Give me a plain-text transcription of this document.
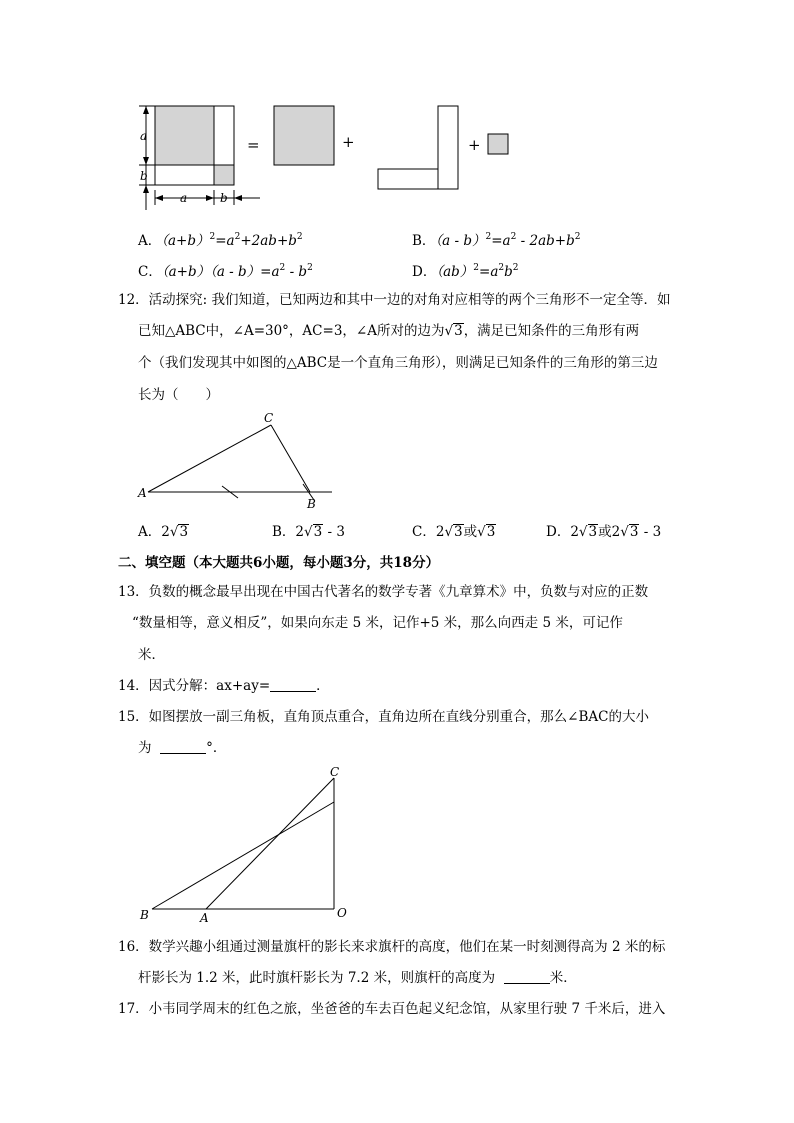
a
b
a	b
=	+	+
A．$(a+b)^2=a^2+2ab+b^2$	B．$(a - b)^2=a^2 - 2ab+b^2$
C．$(a+b)(a - b)=a^2 - b^2$	D．$(ab)^2=a^2b^2$
12．活动探究: 我们知道，已知两边和其中一边的对角对应相等的两个三角形不一定全等．如
已知△ABC中，∠A=30°，AC=3，∠A所对的边为√3，满足已知条件的三角形有两
个（我们发现其中如图的△ABC是一个直角三角形），则满足已知条件的三角形的第三边
长为（　　）
C
A
B
A．2√3	B．2√3 - 3	C．2√3或√3	D．2√3或2√3 - 3
二、填空题（本大题共6小题，每小题3分，共18分）
13．负数的概念最早出现在中国古代著名的数学专著《九章算术》中，负数与对应的正数
“数量相等，意义相反”，如果向东走 5 米，记作+5 米，那么向西走 5 米，可记作
米．
14．因式分解：ax+ay=	．
15．如图摆放一副三角板，直角顶点重合，直角边所在直线分别重合，那么∠BAC的大小
为	°．
C
B	A	O
16．数学兴趣小组通过测量旗杆的影长来求旗杆的高度，他们在某一时刻测得高为 2 米的标
杆影长为 1.2 米，此时旗杆影长为 7.2 米，则旗杆的高度为	米．
17．小韦同学周末的红色之旅，坐爸爸的车去百色起义纪念馆，从家里行驶 7 千米后，进入
